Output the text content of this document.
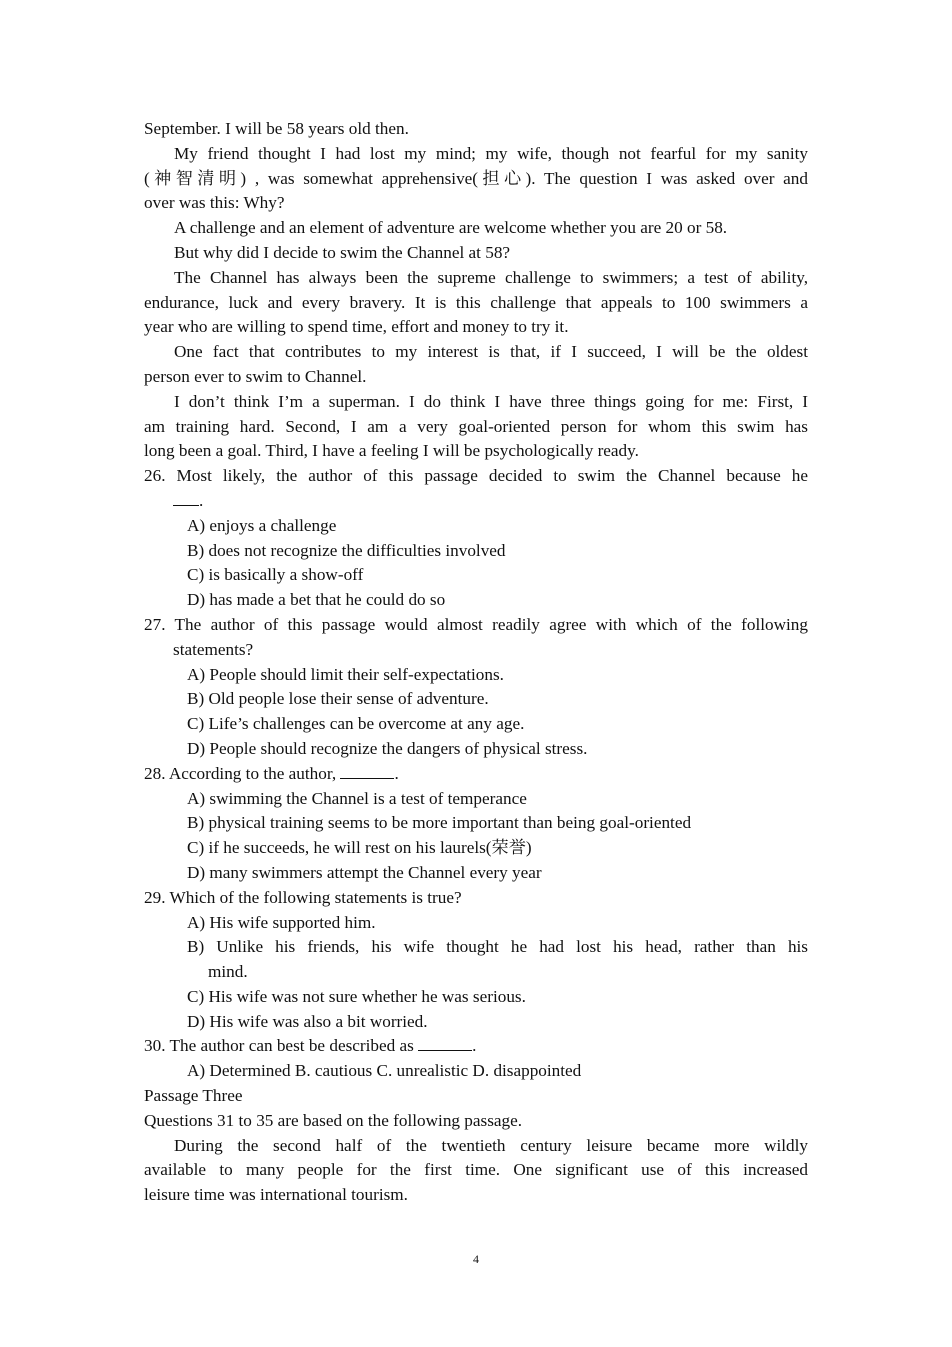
September. I will be 58 years old then.

My friend thought I had lost my mind; my wife, though not fearful for my sanity

(神智清明) , was somewhat apprehensive(担心). The question I was asked over and

over was this: Why?

A challenge and an element of adventure are welcome whether you are 20 or 58.

But why did I decide to swim the Channel at 58?

The Channel has always been the supreme challenge to swimmers; a test of ability,

endurance, luck and every bravery. It is this challenge that appeals to 100 swimmers a

year who are willing to spend time, effort and money to try it.

One fact that contributes to my interest is that, if I succeed, I will be the oldest

person ever to swim to Channel.

I don’t think I’m a superman. I do think I have three things going for me: First, I

am training hard. Second, I am a very goal-oriented person for whom this swim has

long been a goal. Third, I have a feeling I will be psychologically ready.

26. Most likely, the author of this passage decided to swim the Channel because he

.

A) enjoys a challenge

B) does not recognize the difficulties involved

C) is basically a show-off

D) has made a bet that he could do so

27. The author of this passage would almost readily agree with which of the following

statements?

A) People should limit their self-expectations.

B) Old people lose their sense of adventure.

C) Life’s challenges can be overcome at any age.

D) People should recognize the dangers of physical stress.

28. According to the author,	.

A) swimming the Channel is a test of temperance

B) physical training seems to be more important than being goal-oriented

C) if he succeeds, he will rest on his laurels(荣誉)

D) many swimmers attempt the Channel every year

29. Which of the following statements is true?

A) His wife supported him.

B) Unlike his friends, his wife thought he had lost his head, rather than his

mind.

C) His wife was not sure whether he was serious.

D) His wife was also a bit worried.

30. The author can best be described as	.

A) Determined B. cautious C. unrealistic D. disappointed

Passage Three

Questions 31 to 35 are based on the following passage.

During the second half of the twentieth century leisure became more wildly

available to many people for the first time. One significant use of this increased

leisure time was international tourism.

4
